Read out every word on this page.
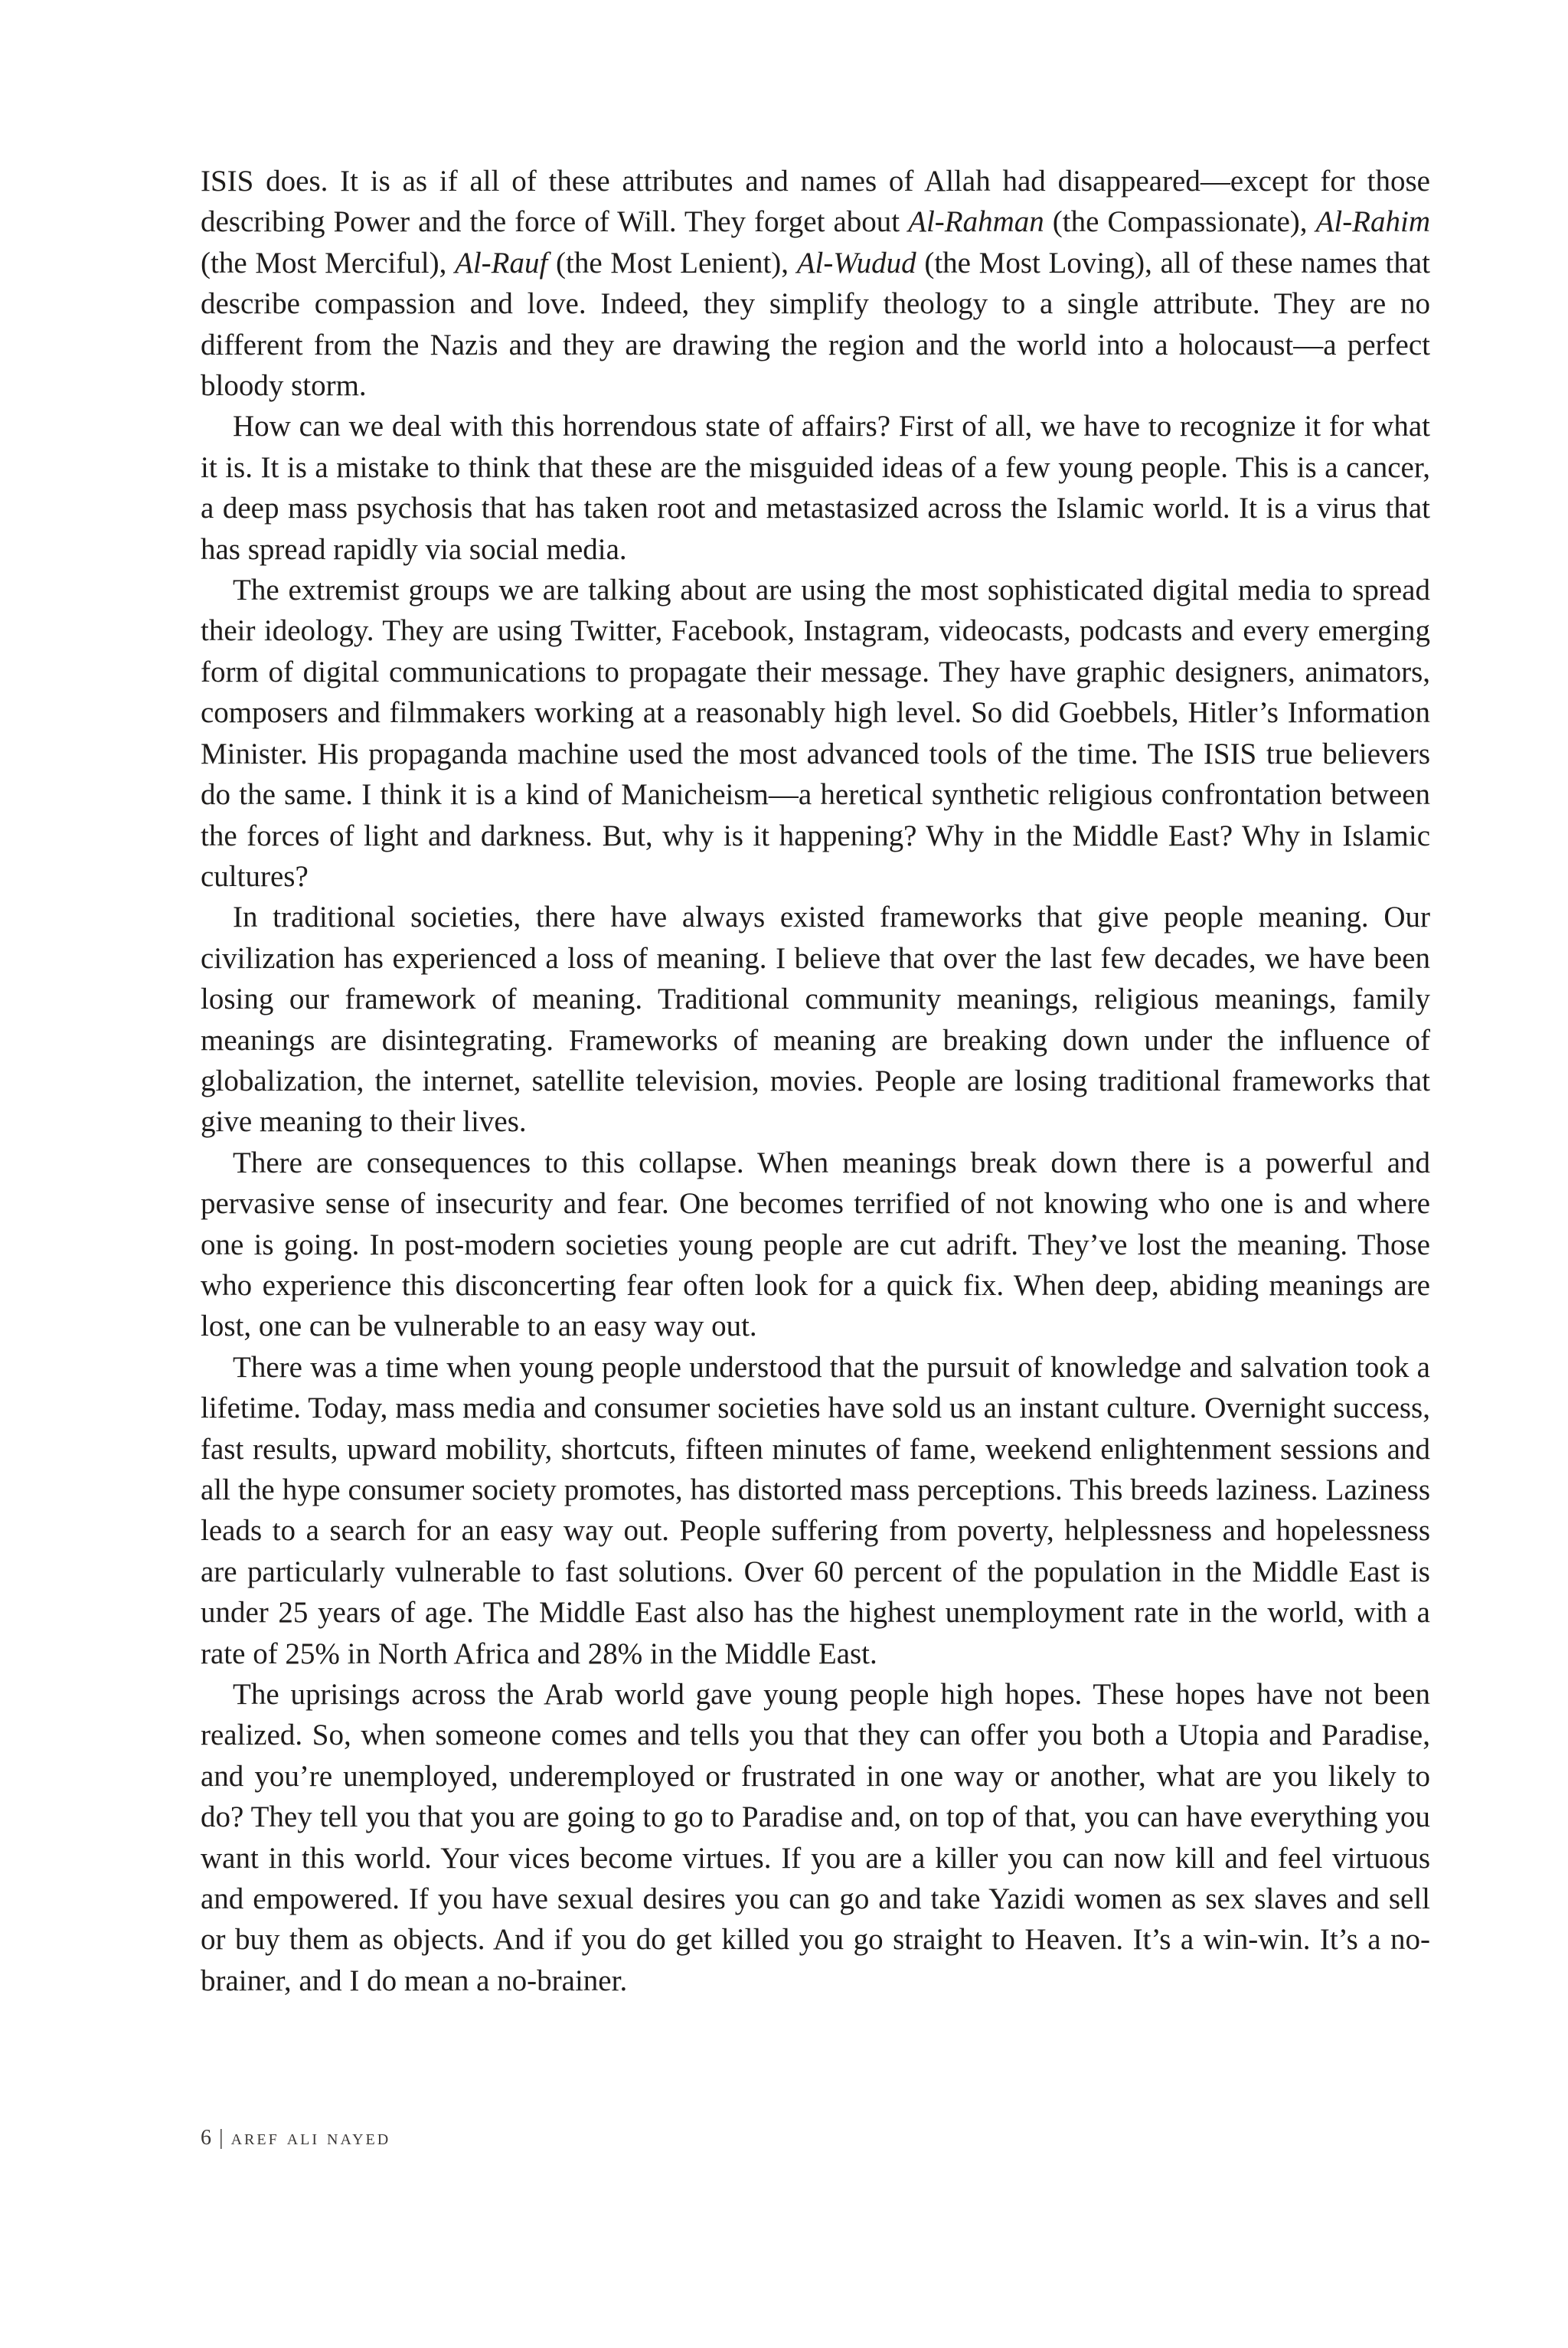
ISIS does. It is as if all of these attributes and names of Allah had disappeared—except for those describing Power and the force of Will. They forget about Al-Rahman (the Compassionate), Al-Rahim (the Most Merciful), Al-Rauf (the Most Lenient), Al-Wudud (the Most Loving), all of these names that describe compassion and love. Indeed, they simplify theology to a single attribute. They are no different from the Nazis and they are drawing the region and the world into a holocaust—a perfect bloody storm.

How can we deal with this horrendous state of affairs? First of all, we have to recognize it for what it is. It is a mistake to think that these are the misguided ideas of a few young people. This is a cancer, a deep mass psychosis that has taken root and metastasized across the Islamic world. It is a virus that has spread rapidly via social media.

The extremist groups we are talking about are using the most sophisticated digital media to spread their ideology. They are using Twitter, Facebook, Instagram, videocasts, podcasts and every emerging form of digital communications to propagate their message. They have graphic designers, animators, composers and filmmakers working at a reasonably high level. So did Goebbels, Hitler’s Information Minister. His propaganda machine used the most advanced tools of the time. The ISIS true believers do the same. I think it is a kind of Manicheism—a heretical synthetic religious confrontation between the forces of light and darkness. But, why is it happening? Why in the Middle East? Why in Islamic cultures?

In traditional societies, there have always existed frameworks that give people meaning. Our civilization has experienced a loss of meaning. I believe that over the last few decades, we have been losing our framework of meaning. Traditional community meanings, religious meanings, family meanings are disintegrating. Frameworks of meaning are breaking down under the influence of globalization, the internet, satellite television, movies. People are losing traditional frameworks that give meaning to their lives.

There are consequences to this collapse. When meanings break down there is a powerful and pervasive sense of insecurity and fear. One becomes terrified of not knowing who one is and where one is going. In post-modern societies young people are cut adrift. They’ve lost the meaning. Those who experience this disconcerting fear often look for a quick fix. When deep, abiding meanings are lost, one can be vulnerable to an easy way out.

There was a time when young people understood that the pursuit of knowledge and salvation took a lifetime. Today, mass media and consumer societies have sold us an instant culture. Overnight success, fast results, upward mobility, shortcuts, fifteen minutes of fame, weekend enlightenment sessions and all the hype consumer society promotes, has distorted mass perceptions. This breeds laziness. Laziness leads to a search for an easy way out. People suffering from poverty, helplessness and hopelessness are particularly vulnerable to fast solutions. Over 60 percent of the population in the Middle East is under 25 years of age. The Middle East also has the highest unemployment rate in the world, with a rate of 25% in North Africa and 28% in the Middle East.

The uprisings across the Arab world gave young people high hopes. These hopes have not been realized. So, when someone comes and tells you that they can offer you both a Utopia and Paradise, and you’re unemployed, underemployed or frustrated in one way or another, what are you likely to do? They tell you that you are going to go to Paradise and, on top of that, you can have everything you want in this world. Your vices become virtues. If you are a killer you can now kill and feel virtuous and empowered. If you have sexual desires you can go and take Yazidi women as sex slaves and sell or buy them as objects. And if you do get killed you go straight to Heaven. It’s a win-win. It’s a no-brainer, and I do mean a no-brainer.

6 | aref ali nayed
